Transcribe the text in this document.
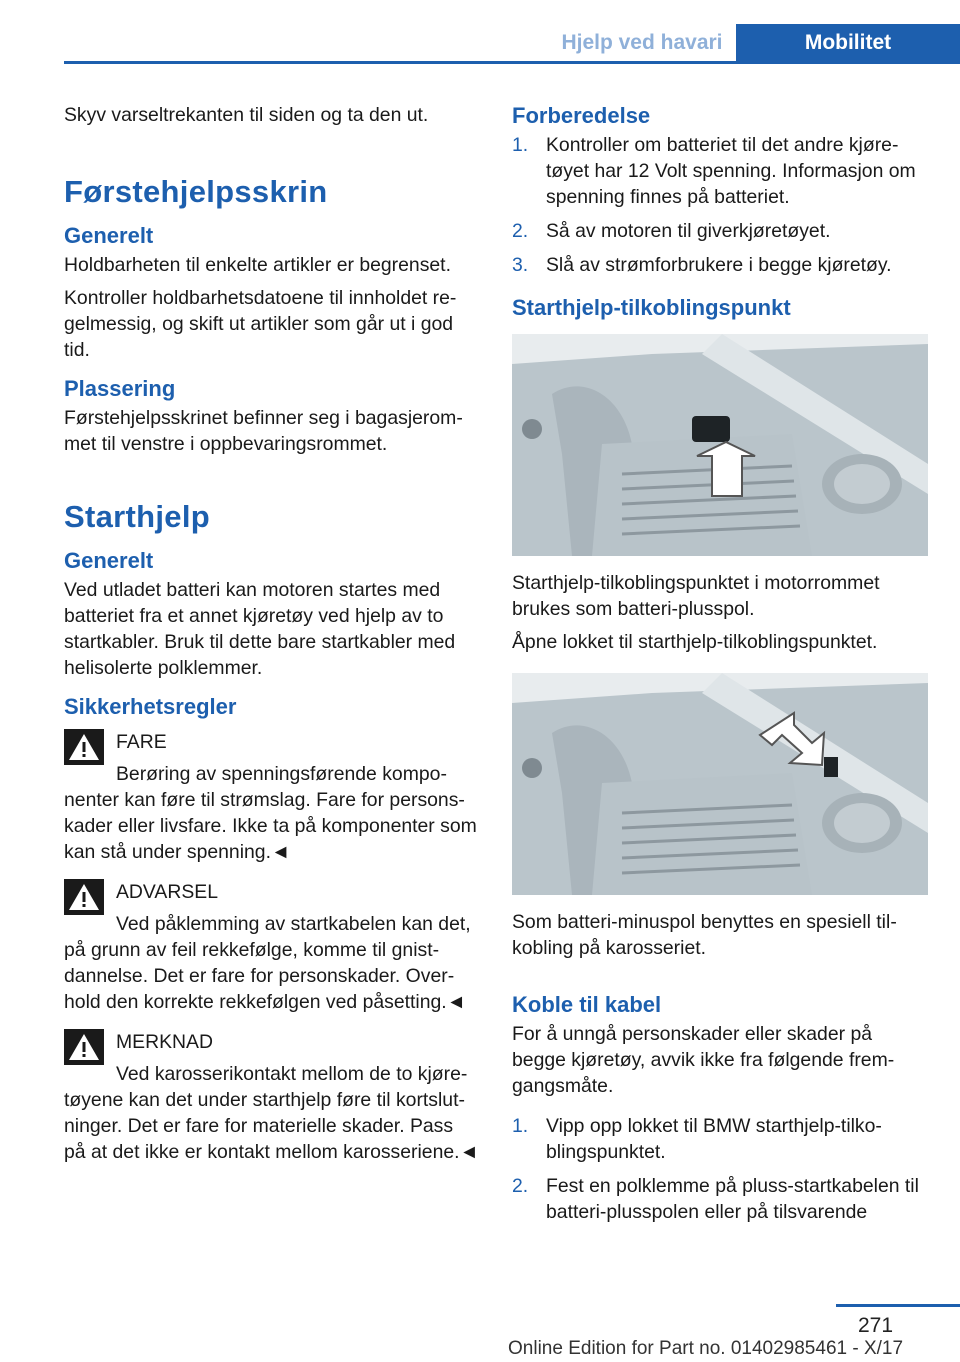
Hjelp ved havari	Mobilitet

Skyv varseltrekanten til siden og ta den ut.

Førstehjelpsskrin
Generelt

Holdbarheten til enkelte artikler er begrenset.

Kontroller holdbarhetsdatoene til innholdet regelmessig, og skift ut artikler som går ut i god tid.

Plassering

Førstehjelpsskrinet befinner seg i bagasjerommet til venstre i oppbevaringsrommet.

Starthjelp
Generelt

Ved utladet batteri kan motoren startes med batteriet fra et annet kjøretøy ved hjelp av to startkabler. Bruk til dette bare startkabler med helisolerte polklemmer.

Sikkerhetsregler
FARE
Berøring av spenningsførende komponenter kan føre til strømslag. Fare for personskader eller livsfare. Ikke ta på komponenter som kan stå under spenning.◄
ADVARSEL
Ved påklemming av startkabelen kan det, på grunn av feil rekkefølge, komme til gnistdannelse. Det er fare for personskader. Overhold den korrekte rekkefølgen ved påsetting.◄
MERKNAD
Ved karosserikontakt mellom de to kjøretøyene kan det under starthjelp føre til kortslutninger. Det er fare for materielle skader. Pass på at det ikke er kontakt mellom karosseriene.◄
Forberedelse
1. Kontroller om batteriet til det andre kjøretøyet har 12 Volt spenning. Informasjon om spenning finnes på batteriet.
2. Så av motoren til giverkjøretøyet.
3. Slå av strømforbrukere i begge kjøretøy.
Starthjelp-tilkoblingspunkt

Starthjelp-tilkoblingspunktet i motorrommet brukes som batteri-plusspol.

Åpne lokket til starthjelp-tilkoblingspunktet.

Som batteri-minuspol benyttes en spesiell tilkobling på karosseriet.

Koble til kabel

For å unngå personskader eller skader på begge kjøretøy, avvik ikke fra følgende fremgangsmåte.

1. Vipp opp lokket til BMW starthjelp-tilkoblingspunktet.
2. Fest en polklemme på pluss-startkabelen til batteri-plusspolen eller på tilsvarende
271
Online Edition for Part no. 01402985461 - X/17
